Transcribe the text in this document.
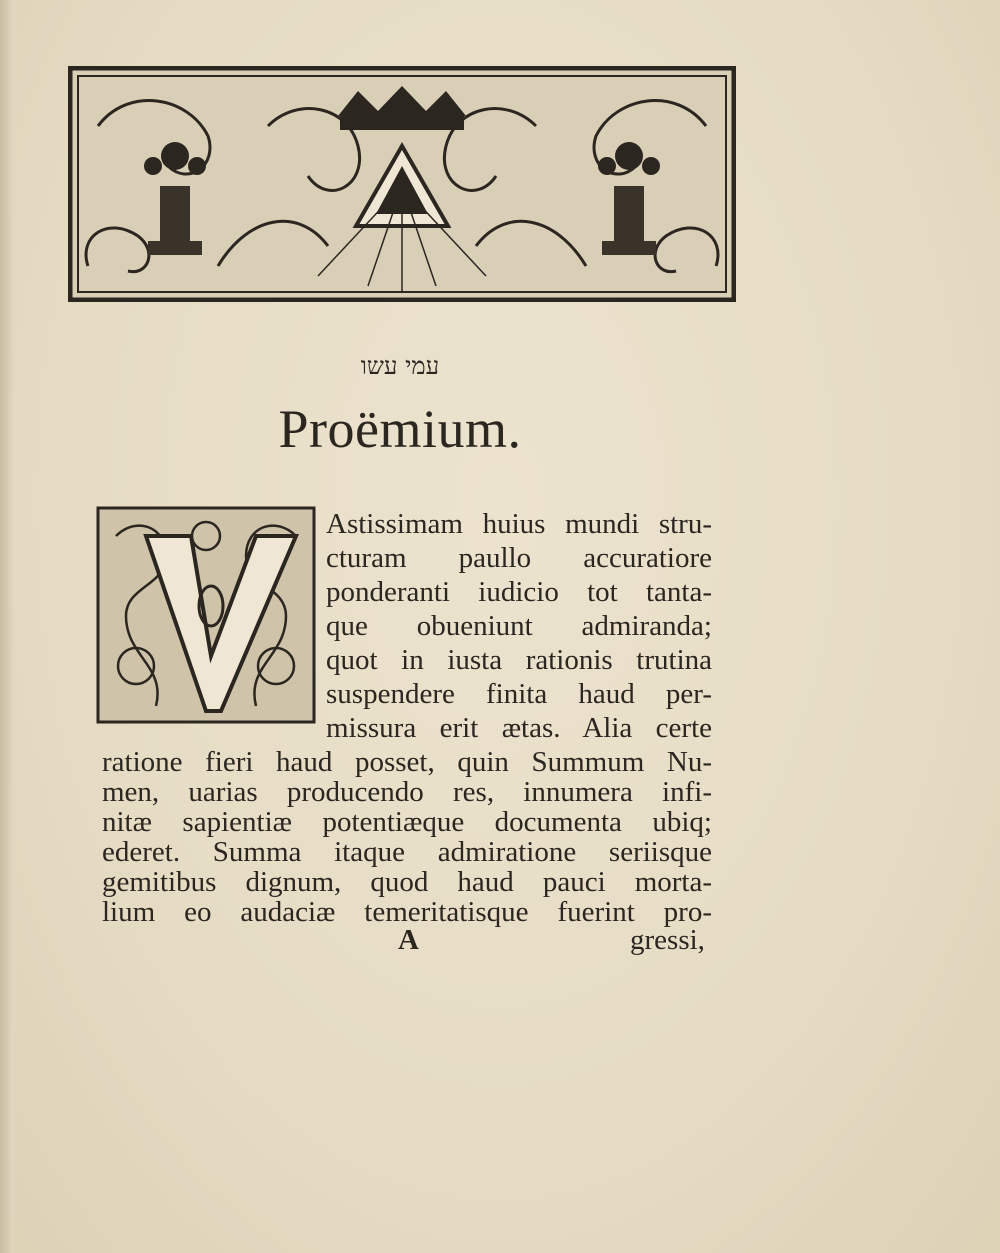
עמי עשו
Proëmium.
Astissimam huius mundi stru-
cturam paullo accuratiore
ponderanti iudicio tot tanta-
que obueniunt admiranda;
quot in iusta rationis trutina
suspendere finita haud per-
missura erit ætas. Alia certe
ratione fieri haud posset, quin Summum Nu-
men, uarias producendo res, innumera infi-
nitæ sapientiæ potentiæque documenta ubiq;
ederet. Summa itaque admiratione seriisque
gemitibus dignum, quod haud pauci morta-
lium eo audaciæ temeritatisque fuerint pro-
A	gressi,
